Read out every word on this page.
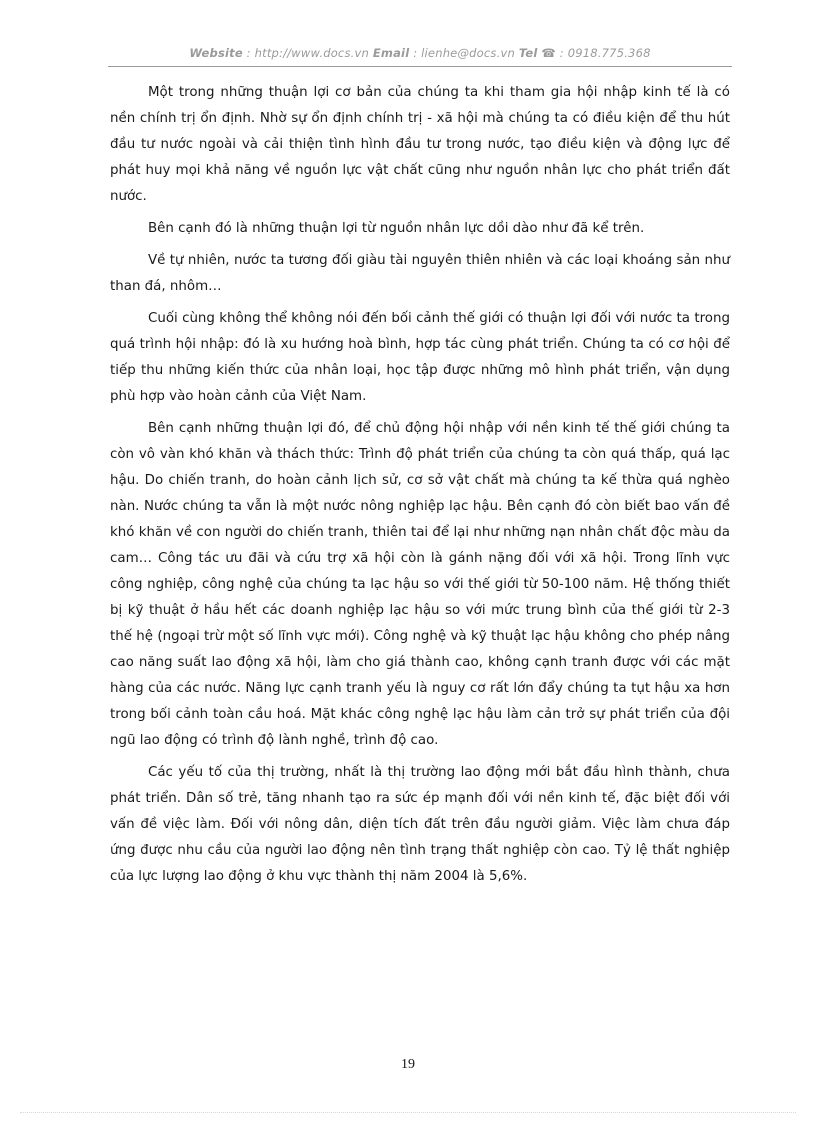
Website : http://www.docs.vn Email : lienhe@docs.vn Tel ☎ : 0918.775.368

Một trong những thuận lợi cơ bản của chúng ta khi tham gia hội nhập kinh tế là có nền chính trị ổn định. Nhờ sự ổn định chính trị - xã hội mà chúng ta có điều kiện để thu hút đầu tư nước ngoài và cải thiện tình hình đầu tư trong nước, tạo điều kiện và động lực để phát huy mọi khả năng về nguồn lực vật chất cũng như nguồn nhân lực cho phát triển đất nước.

Bên cạnh đó là những thuận lợi từ nguồn nhân lực dồi dào như đã kể trên.

Về tự nhiên, nước ta tương đối giàu tài nguyên thiên nhiên và các loại khoáng sản như than đá, nhôm…

Cuối cùng không thể không nói đến bối cảnh thế giới có thuận lợi đối với nước ta trong quá trình hội nhập: đó là xu hướng hoà bình, hợp tác cùng phát triển. Chúng ta có cơ hội để tiếp thu những kiến thức của nhân loại, học tập được những mô hình phát triển, vận dụng phù hợp vào hoàn cảnh của Việt Nam.

Bên cạnh những thuận lợi đó, để chủ động hội nhập với nền kinh tế thế giới chúng ta còn vô vàn khó khăn và thách thức: Trình độ phát triển của chúng ta còn quá thấp, quá lạc hậu. Do chiến tranh, do hoàn cảnh lịch sử, cơ sở vật chất mà chúng ta kế thừa quá nghèo nàn. Nước chúng ta vẫn là một nước nông nghiệp lạc hậu. Bên cạnh đó còn biết bao vấn đề khó khăn về con người do chiến tranh, thiên tai để lại như những nạn nhân chất độc màu da cam… Công tác ưu đãi và cứu trợ xã hội còn là gánh nặng đối với xã hội. Trong lĩnh vực công nghiệp, công nghệ của chúng ta lạc hậu so với thế giới từ 50-100 năm. Hệ thống thiết bị kỹ thuật ở hầu hết các doanh nghiệp lạc hậu so với mức trung bình của thế giới từ 2-3 thế hệ (ngoại trừ một số lĩnh vực mới). Công nghệ và kỹ thuật lạc hậu không cho phép nâng cao năng suất lao động xã hội, làm cho giá thành cao, không cạnh tranh được với các mặt hàng của các nước. Năng lực cạnh tranh yếu là nguy cơ rất lớn đẩy chúng ta tụt hậu xa hơn trong bối cảnh toàn cầu hoá. Mặt khác công nghệ lạc hậu làm cản trở sự phát triển của đội ngũ lao động có trình độ lành nghề, trình độ cao.

Các yếu tố của thị trường, nhất là thị trường lao động mới bắt đầu hình thành, chưa phát triển. Dân số trẻ, tăng nhanh tạo ra sức ép mạnh đối với nền kinh tế, đặc biệt đối với vấn đề việc làm. Đối với nông dân, diện tích đất trên đầu người giảm. Việc làm chưa đáp ứng được nhu cầu của người lao động nên tình trạng thất nghiệp còn cao. Tỷ lệ thất nghiệp của lực lượng lao động ở khu vực thành thị năm 2004 là 5,6%.

19
